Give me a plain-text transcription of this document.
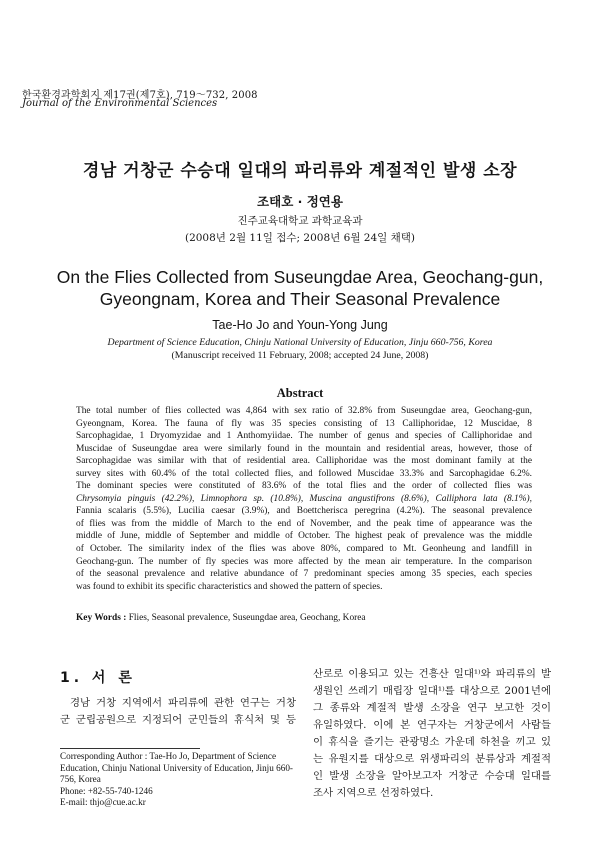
한국환경과학회지 제17권(제7호), 719～732, 2008
Journal of the Environmental Sciences
경남 거창군 수승대 일대의 파리류와 계절적인 발생 소장
조태호 · 정연용
진주교육대학교 과학교육과
(2008년 2월 11일 접수; 2008년 6월 24일 채택)
On the Flies Collected from Suseungdae Area, Geochang-gun,
Gyeongnam, Korea and Their Seasonal Prevalence
Tae-Ho Jo and Youn-Yong Jung
Department of Science Education, Chinju National University of Education, Jinju 660-756, Korea
(Manuscript received 11 February, 2008; accepted 24 June, 2008)
Abstract
The total number of flies collected was 4,864 with sex ratio of 32.8% from Suseungdae area, Geochang-gun,
Gyeongnam, Korea. The fauna of fly was 35 species consisting of 13 Calliphoridae, 12 Muscidae, 8
Sarcophagidae, 1 Dryomyzidae and 1 Anthomyiidae. The number of genus and species of Calliphoridae and
Muscidae of Suseungdae area were similarly found in the mountain and residential areas, however, those of
Sarcophagidae was similar with that of residential area. Calliphoridae was the most dominant family at the
survey sites with 60.4% of the total collected flies, and followed Muscidae 33.3% and Sarcophagidae 6.2%.
The dominant species were constituted of 83.6% of the total flies and the order of collected flies was
Chrysomyia pinguis (42.2%), Limnophora sp. (10.8%), Muscina angustifrons (8.6%), Calliphora lata (8.1%),
Fannia scalaris (5.5%), Lucilia caesar (3.9%), and Boettcherisca peregrina (4.2%). The seasonal prevalence
of flies was from the middle of March to the end of November, and the peak time of appearance was the
middle of June, middle of September and middle of October. The highest peak of prevalence was the middle
of October. The similarity index of the flies was above 80%, compared to Mt. Geonheung and landfill in
Geochang-gun. The number of fly species was more affected by the mean air temperature. In the comparison
of the seasonal prevalence and relative abundance of 7 predominant species among 35 species, each species
was found to exhibit its specific characteristics and showed the pattern of species.
Key Words : Flies, Seasonal prevalence, Suseungdae area, Geochang, Korea
1. 서 론
경남 거창 지역에서 파리류에 관한 연구는 거창
군 군립공원으로 지정되어 군민들의 휴식처 및 등
Corresponding Author : Tae-Ho Jo, Department of Science
Education, Chinju National University of Education, Jinju 660-
756, Korea
Phone: +82-55-740-1246
E-mail: thjo@cue.ac.kr
산로로 이용되고 있는 건흥산 일대¹⁾와 파리류의 발
생원인 쓰레기 매립장 일대¹⁾를 대상으로 2001년에
그 종류와 계절적 발생 소장을 연구 보고한 것이
유일하였다. 이에 본 연구자는 거창군에서 사람들
이 휴식을 즐기는 관광명소 가운데 하천을 끼고 있
는 유원지를 대상으로 위생파리의 분류상과 계절적
인 발생 소장을 알아보고자 거창군 수승대 일대를
조사 지역으로 선정하였다.
